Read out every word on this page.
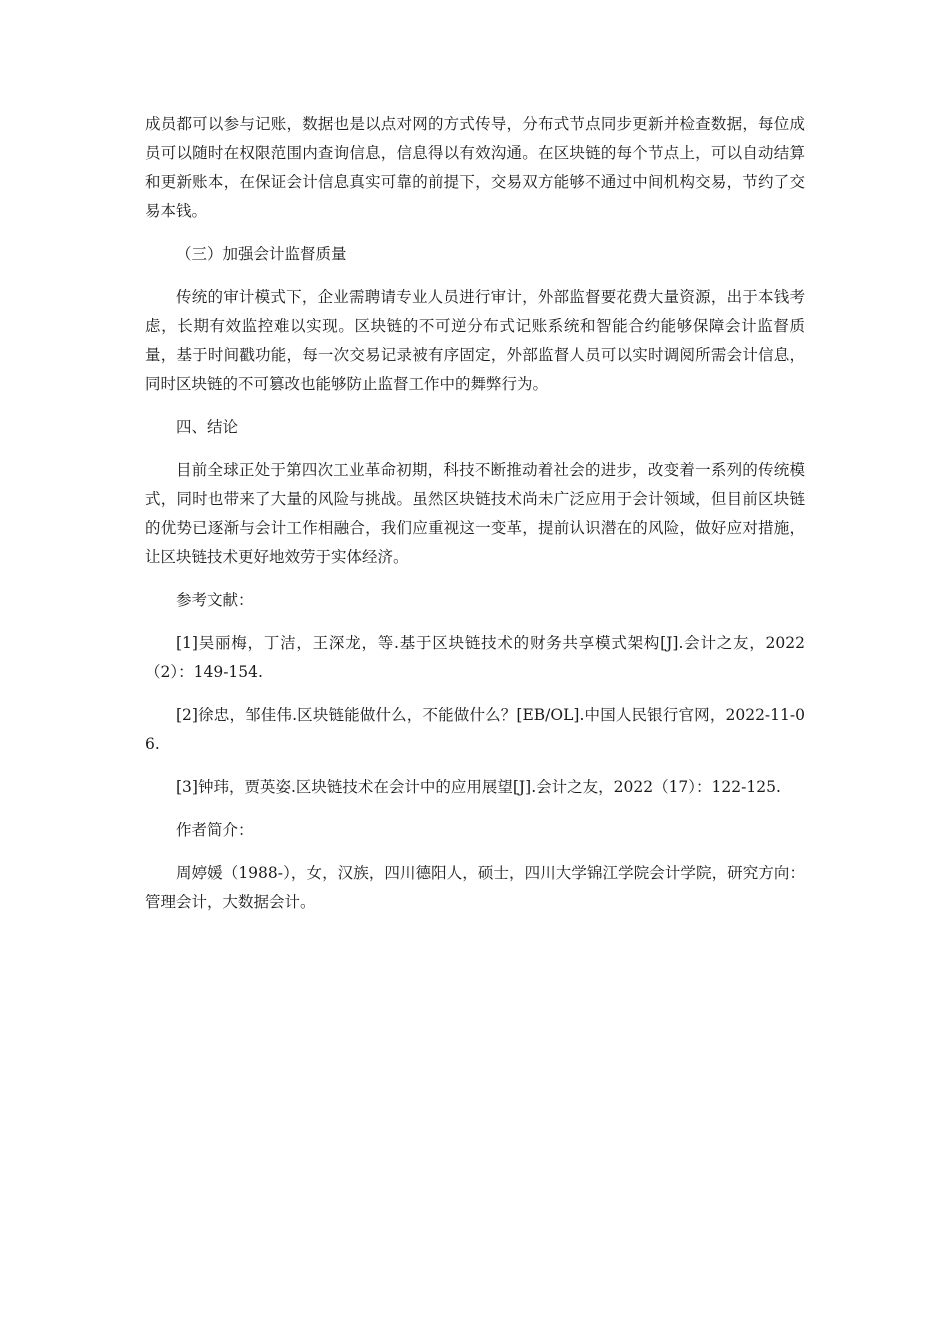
成员都可以参与记账，数据也是以点对网的方式传导，分布式节点同步更新并检查数据，每位成员可以随时在权限范围内查询信息，信息得以有效沟通。在区块链的每个节点上，可以自动结算和更新账本，在保证会计信息真实可靠的前提下，交易双方能够不通过中间机构交易，节约了交易本钱。

（三）加强会计监督质量

传统的审计模式下，企业需聘请专业人员进行审计，外部监督要花费大量资源，出于本钱考虑，长期有效监控难以实现。区块链的不可逆分布式记账系统和智能合约能够保障会计监督质量，基于时间戳功能，每一次交易记录被有序固定，外部监督人员可以实时调阅所需会计信息，同时区块链的不可篡改也能够防止监督工作中的舞弊行为。

四、结论

目前全球正处于第四次工业革命初期，科技不断推动着社会的进步，改变着一系列的传统模式，同时也带来了大量的风险与挑战。虽然区块链技术尚未广泛应用于会计领域，但目前区块链的优势已逐渐与会计工作相融合，我们应重视这一变革，提前认识潜在的风险，做好应对措施，让区块链技术更好地效劳于实体经济。

参考文献：

[1]吴丽梅，丁洁，王深龙，等.基于区块链技术的财务共享模式架构[J].会计之友，2022（2）：149-154.

[2]徐忠，邹佳伟.区块链能做什么，不能做什么？[EB/OL].中国人民银行官网，2022-11-06.

[3]钟玮，贾英姿.区块链技术在会计中的应用展望[J].会计之友，2022（17）：122-125.

作者简介：

周婷媛（1988-），女，汉族，四川德阳人，硕士，四川大学锦江学院会计学院，研究方向：管理会计，大数据会计。
